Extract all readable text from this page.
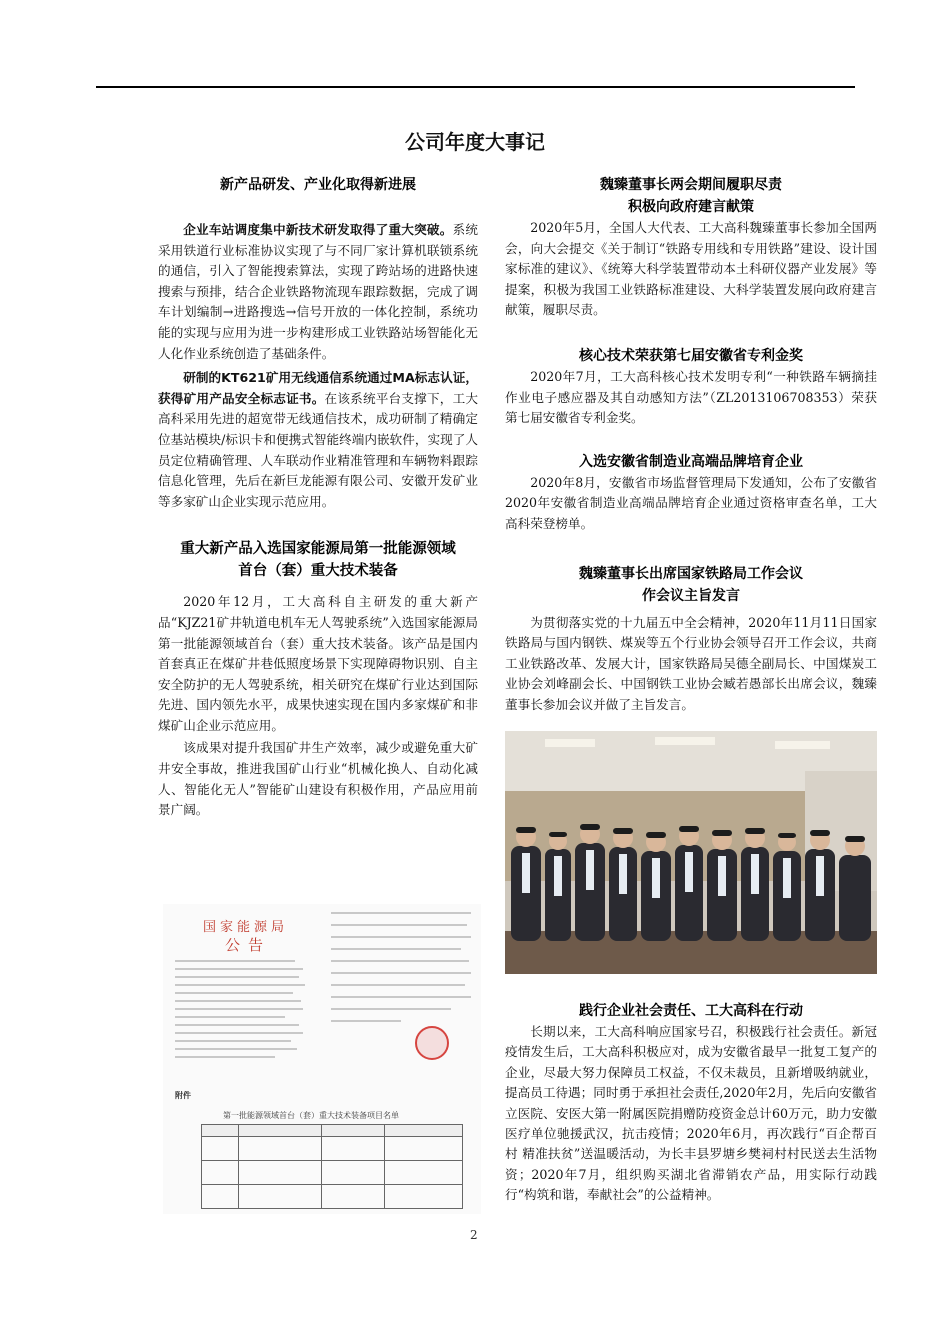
公司年度大事记
新产品研发、产业化取得新进展
企业车站调度集中新技术研发取得了重大突破。系统采用铁道行业标准协议实现了与不同厂家计算机联锁系统的通信，引入了智能搜索算法，实现了跨站场的进路快速搜索与预排，结合企业铁路物流现车跟踪数据，完成了调车计划编制→进路搜选→信号开放的一体化控制，系统功能的实现与应用为进一步构建形成工业铁路站场智能化无人化作业系统创造了基础条件。
研制的KT621矿用无线通信系统通过MA标志认证，获得矿用产品安全标志证书。在该系统平台支撑下，工大高科采用先进的超宽带无线通信技术，成功研制了精确定位基站模块/标识卡和便携式智能终端内嵌软件，实现了人员定位精确管理、人车联动作业精准管理和车辆物料跟踪信息化管理，先后在新巨龙能源有限公司、安徽开发矿业等多家矿山企业实现示范应用。
重大新产品入选国家能源局第一批能源领域
首台（套）重大技术装备
2020年12月，工大高科自主研发的重大新产品“KJZ21矿井轨道电机车无人驾驶系统”入选国家能源局第一批能源领域首台（套）重大技术装备。该产品是国内首套真正在煤矿井巷低照度场景下实现障碍物识别、自主安全防护的无人驾驶系统，相关研究在煤矿行业达到国际先进、国内领先水平，成果快速实现在国内多家煤矿和非煤矿山企业示范应用。
该成果对提升我国矿井生产效率，减少或避免重大矿井安全事故，推进我国矿山行业“机械化换人、自动化减人、智能化无人”智能矿山建设有积极作用，产品应用前景广阔。
国家能源局
公告
附件
第一批能源领域首台（套）重大技术装备项目名单

魏臻董事长两会期间履职尽责
积极向政府建言献策
2020年5月，全国人大代表、工大高科魏臻董事长参加全国两会，向大会提交《关于制订“铁路专用线和专用铁路”建设、设计国家标准的建议》、《统筹大科学装置带动本土科研仪器产业发展》等提案，积极为我国工业铁路标准建设、大科学装置发展向政府建言献策，履职尽责。
核心技术荣获第七届安徽省专利金奖
2020年7月，工大高科核心技术发明专利“一种铁路车辆摘挂作业电子感应器及其自动感知方法”（ZL2013106708353）荣获第七届安徽省专利金奖。
入选安徽省制造业高端品牌培育企业
2020年8月，安徽省市场监督管理局下发通知，公布了安徽省2020年安徽省制造业高端品牌培育企业通过资格审查名单，工大高科荣登榜单。
魏臻董事长出席国家铁路局工作会议
作会议主旨发言
为贯彻落实党的十九届五中全会精神，2020年11月11日国家铁路局与国内钢铁、煤炭等五个行业协会领导召开工作会议，共商工业铁路改革、发展大计，国家铁路局吴德全副局长、中国煤炭工业协会刘峰副会长、中国钢铁工业协会臧若愚部长出席会议，魏臻董事长参加会议并做了主旨发言。
践行企业社会责任、工大高科在行动
长期以来，工大高科响应国家号召，积极践行社会责任。新冠疫情发生后，工大高科积极应对，成为安徽省最早一批复工复产的企业，尽最大努力保障员工权益，不仅未裁员，且新增吸纳就业，提高员工待遇；同时勇于承担社会责任,2020年2月，先后向安徽省立医院、安医大第一附属医院捐赠防疫资金总计60万元，助力安徽医疗单位驰援武汉，抗击疫情；2020年6月，再次践行“百企帮百村 精准扶贫”送温暖活动，为长丰县罗塘乡樊祠村村民送去生活物资；2020年7月，组织购买湖北省滞销农产品，用实际行动践行“构筑和谐，奉献社会”的公益精神。
2
